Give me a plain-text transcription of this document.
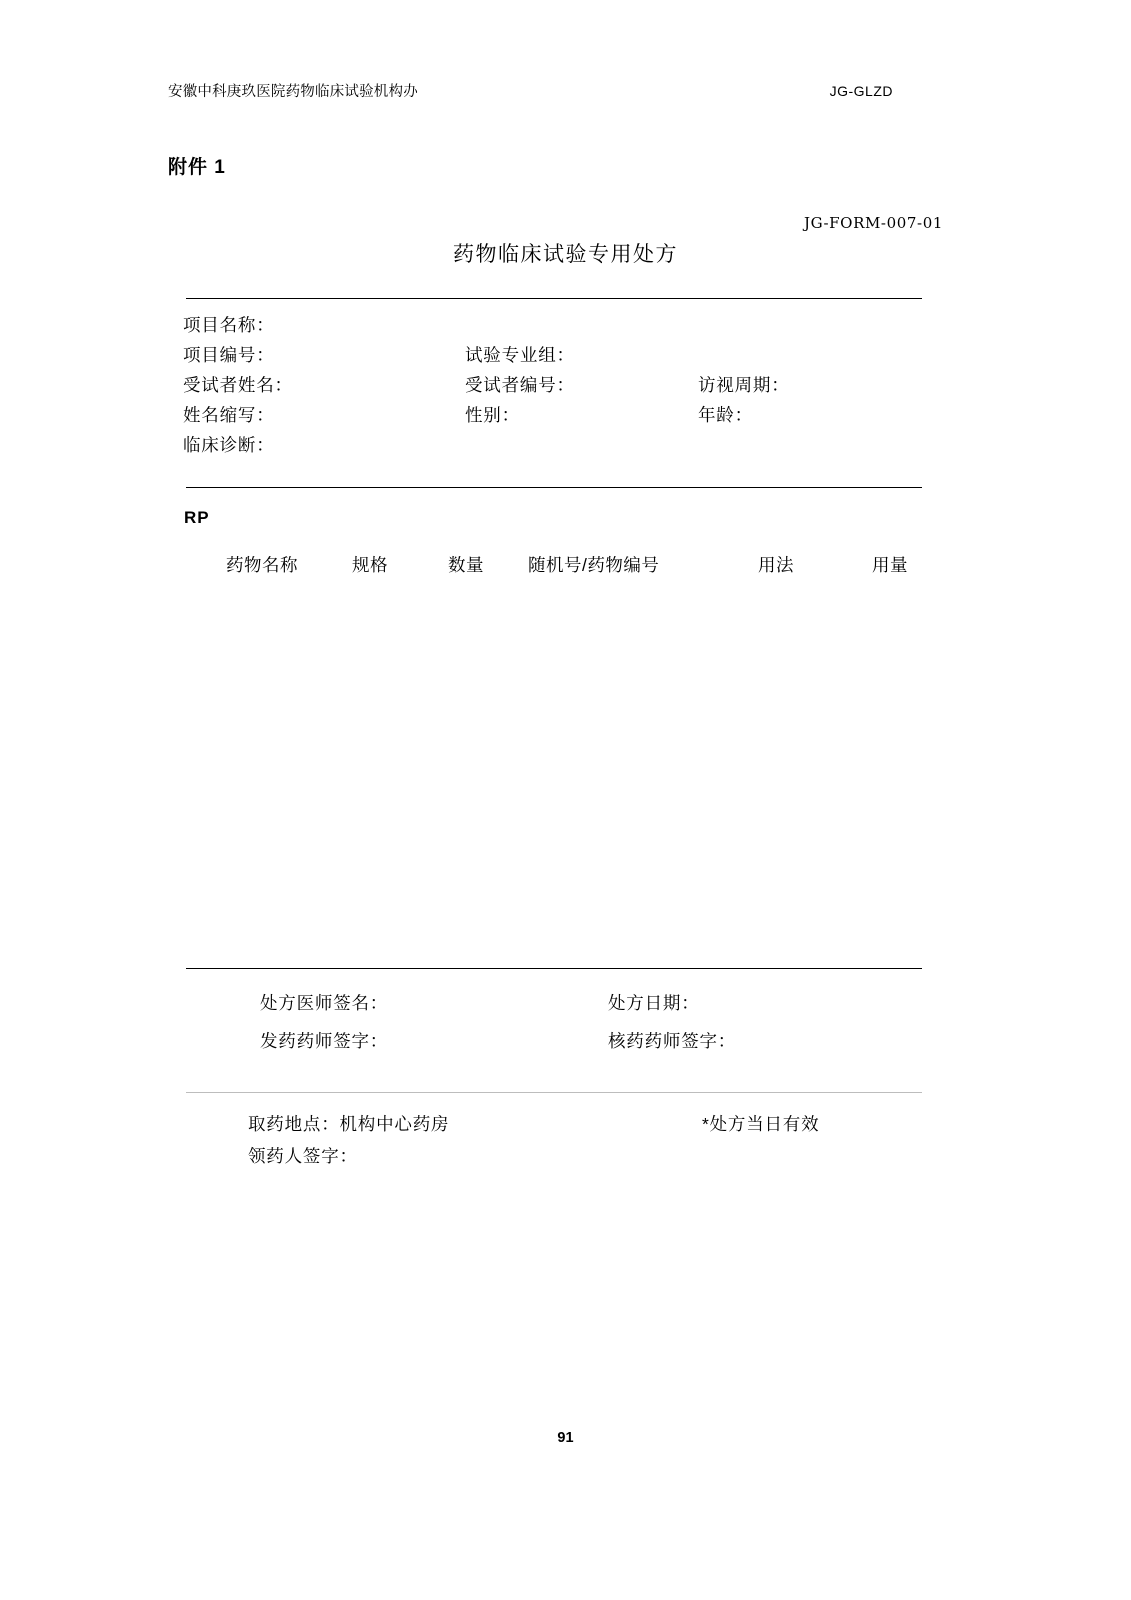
安徽中科庚玖医院药物临床试验机构办	JG-GLZD
附件 1
JG-FORM-007-01
药物临床试验专用处方
项目名称：
项目编号：	试验专业组：
受试者姓名：	受试者编号：	访视周期：
姓名缩写：	性别：	年龄：
临床诊断：
RP
药物名称	规格	数量	随机号/药物编号	用法	用量
处方医师签名：	处方日期：
发药药师签字：	核药药师签字：
取药地点：机构中心药房	*处方当日有效
领药人签字：
91
